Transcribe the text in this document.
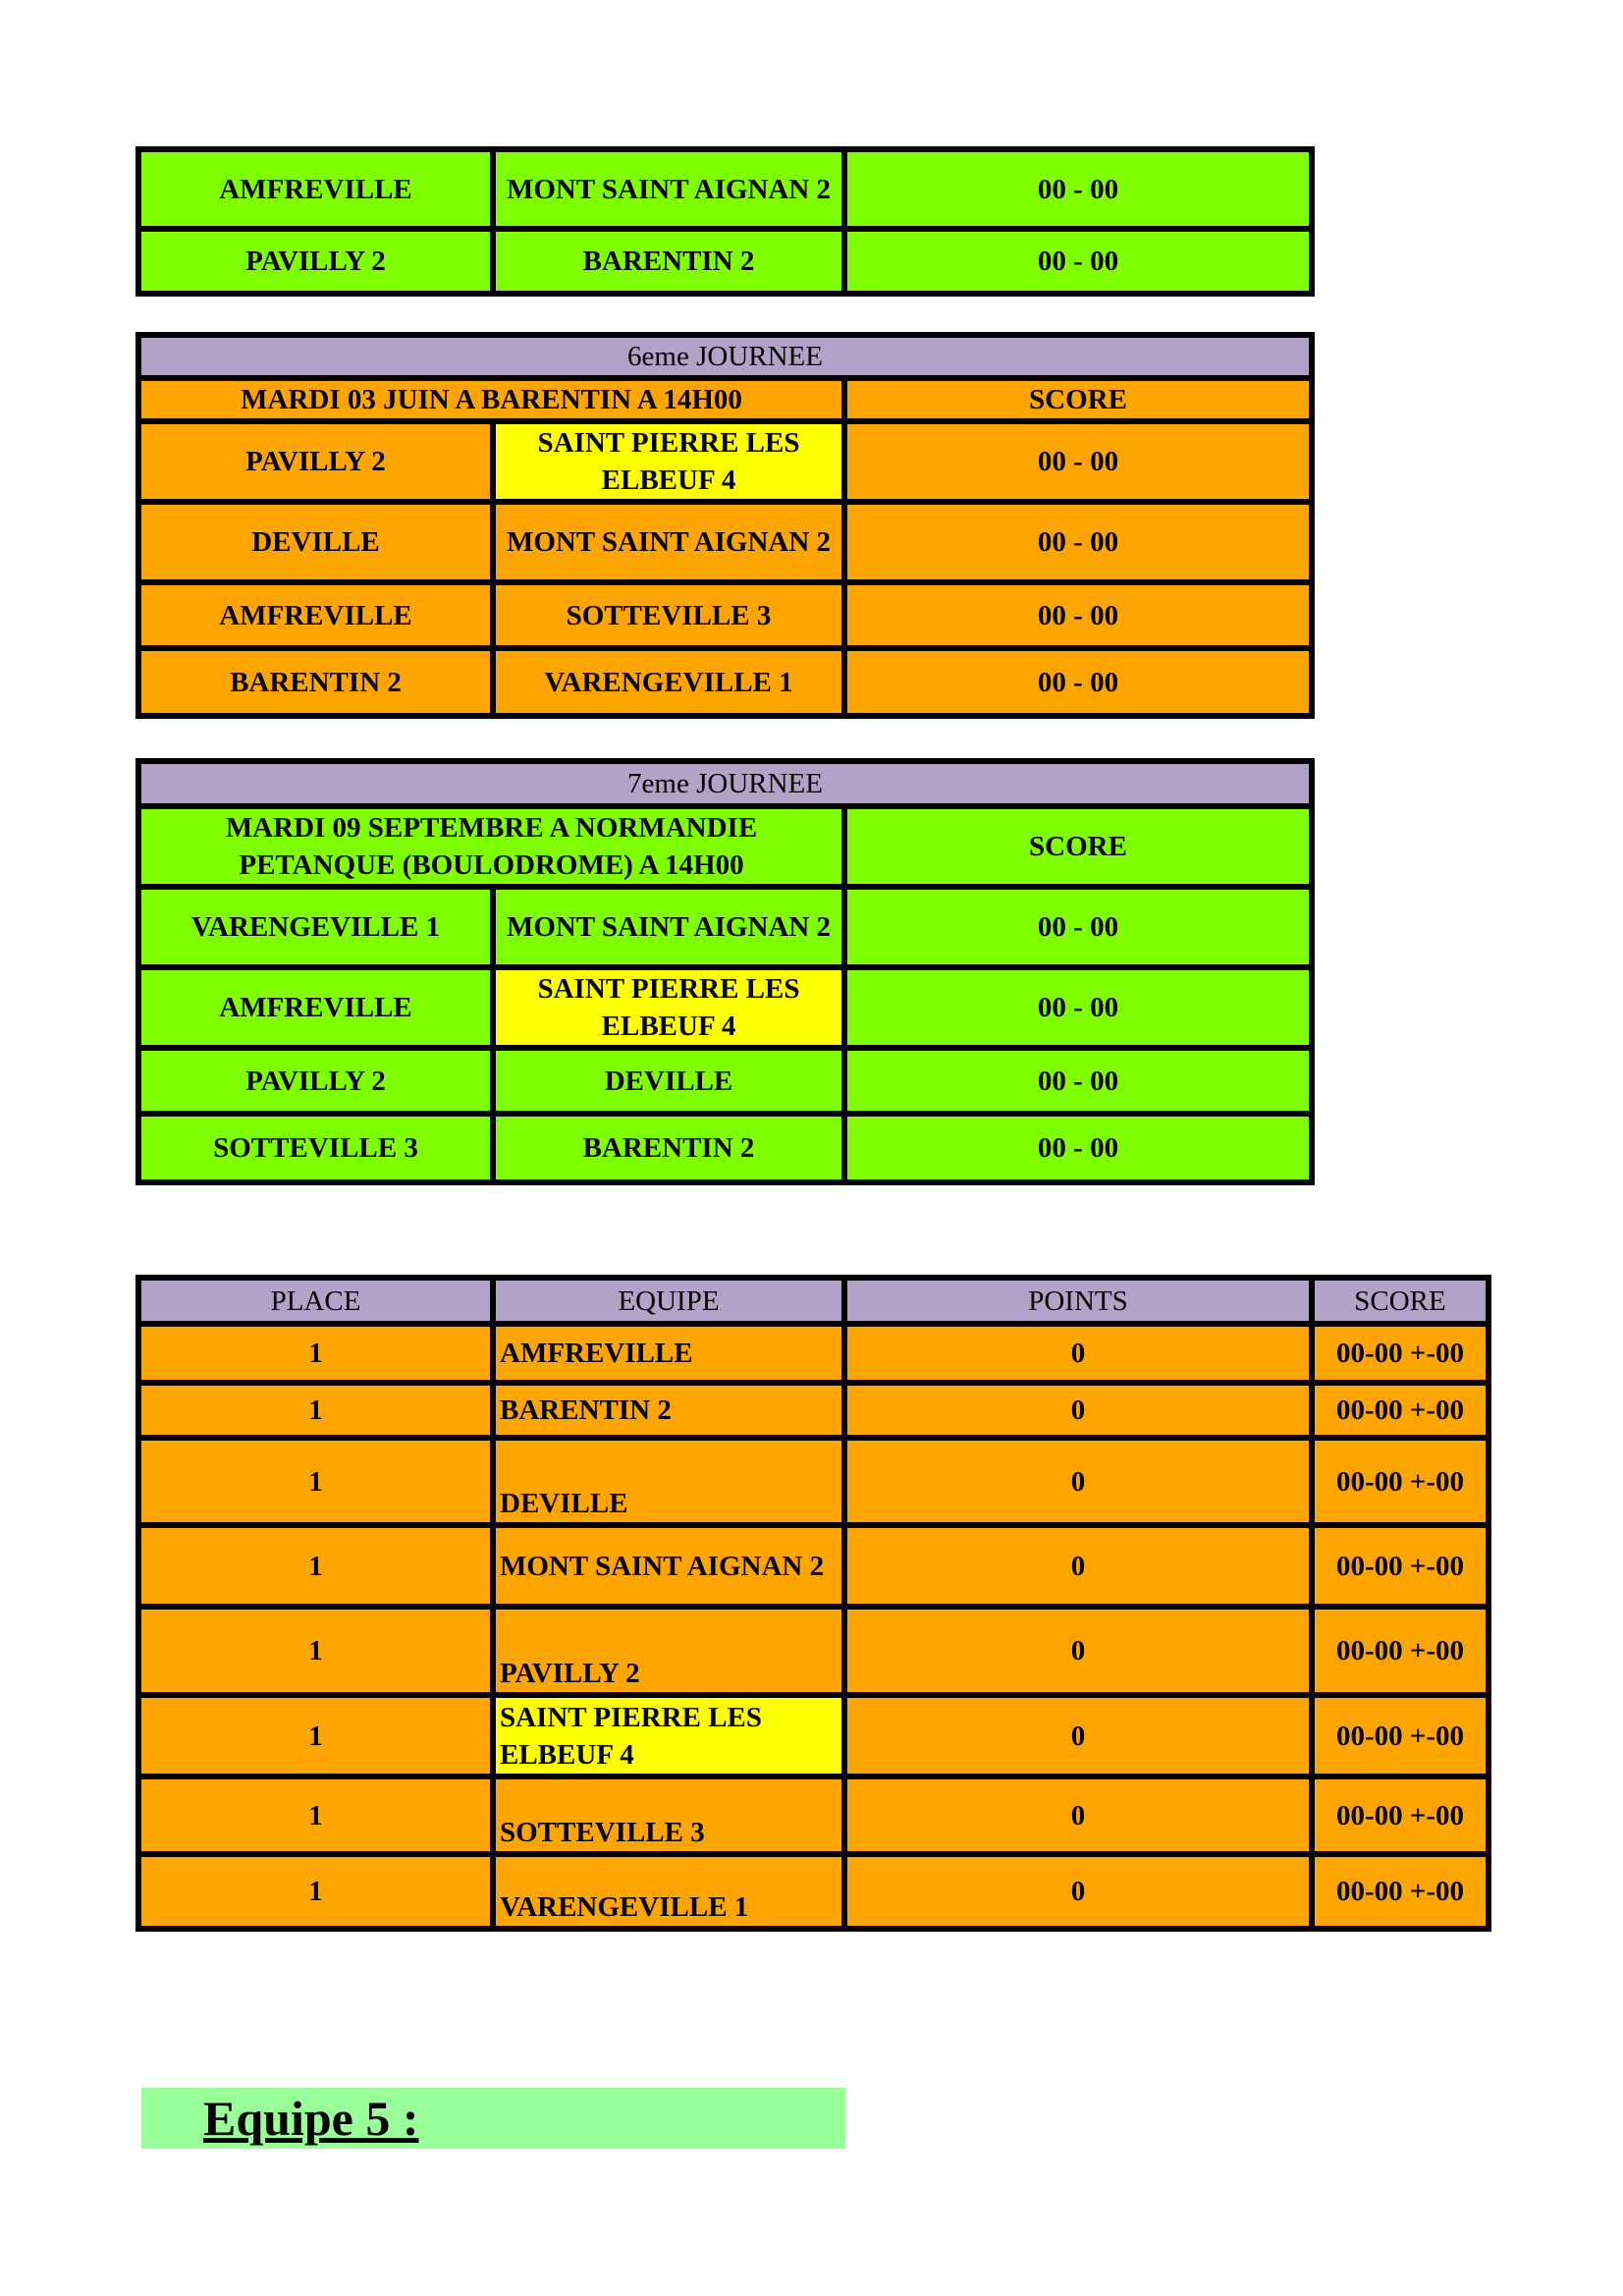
AMFREVILLE	MONT SAINT AIGNAN 2	00 - 00
PAVILLY 2	BARENTIN 2	00 - 00
6eme JOURNEE		
MARDI 03 JUIN A BARENTIN A 14H00		SCORE
PAVILLY 2	SAINT PIERRE LES ELBEUF 4	00 - 00
DEVILLE	MONT SAINT AIGNAN 2	00 - 00
AMFREVILLE	SOTTEVILLE 3	00 - 00
BARENTIN 2	VARENGEVILLE 1	00 - 00
7eme JOURNEE		
MARDI 09 SEPTEMBRE A NORMANDIE PETANQUE (BOULODROME) A 14H00		SCORE
VARENGEVILLE 1	MONT SAINT AIGNAN 2	00 - 00
AMFREVILLE	SAINT PIERRE LES ELBEUF 4	00 - 00
PAVILLY 2	DEVILLE	00 - 00
SOTTEVILLE 3	BARENTIN 2	00 - 00
PLACE	EQUIPE	POINTS	SCORE
1	AMFREVILLE	0	00-00 +-00
1	BARENTIN 2	0	00-00 +-00
1	DEVILLE	0	00-00 +-00
1	MONT SAINT AIGNAN 2	0	00-00 +-00
1	PAVILLY 2	0	00-00 +-00
1	SAINT PIERRE LES ELBEUF 4	0	00-00 +-00
1	SOTTEVILLE 3	0	00-00 +-00
1	VARENGEVILLE 1	0	00-00 +-00
Equipe 5 :
